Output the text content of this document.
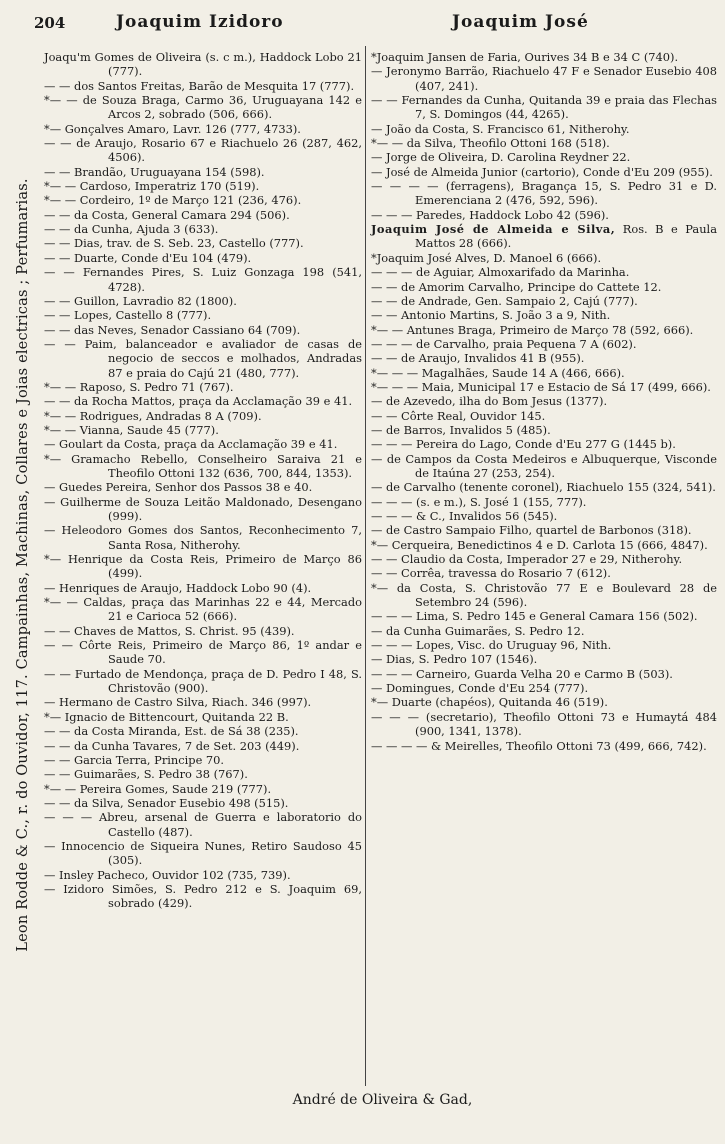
204	Joaquim Izidoro	Joaquim José
Leon Rodde & C., r. do Ouvidor, 117. Campainhas, Machinas, Collares e Joias electricas ; Perfumarias.
Joaqu'm Gomes de Oliveira (s. c m.), Haddock Lobo 21 (777).
— — dos Santos Freitas, Barão de Mesquita 17 (777).
*— — de Souza Braga, Carmo 36, Uruguayana 142 e Arcos 2, sobrado (506, 666).
*— Gonçalves Amaro, Lavr. 126 (777, 4733).
— — de Araujo, Rosario 67 e Riachuelo 26 (287, 462, 4506).
— — Brandão, Uruguayana 154 (598).
*— — Cardoso, Imperatriz 170 (519).
*— — Cordeiro, 1º de Março 121 (236, 476).
— — da Costa, General Camara 294 (506).
— — da Cunha, Ajuda 3 (633).
— — Dias, trav. de S. Seb. 23, Castello (777).
— — Duarte, Conde d'Eu 104 (479).
— — Fernandes Pires, S. Luiz Gonzaga 198 (541, 4728).
— — Guillon, Lavradio 82 (1800).
— — Lopes, Castello 8 (777).
— — das Neves, Senador Cassiano 64 (709).
— — Paim, balanceador e avaliador de casas de negocio de seccos e molhados, Andradas 87 e praia do Cajú 21 (480, 777).
*— — Raposo, S. Pedro 71 (767).
— — da Rocha Mattos, praça da Acclamação 39 e 41.
*— — Rodrigues, Andradas 8 A (709).
*— — Vianna, Saude 45 (777).
— Goulart da Costa, praça da Acclamação 39 e 41.
*— Gramacho Rebello, Conselheiro Saraiva 21 e Theofilo Ottoni 132 (636, 700, 844, 1353).
— Guedes Pereira, Senhor dos Passos 38 e 40.
— Guilherme de Souza Leitão Maldonado, Desengano (999).
— Heleodoro Gomes dos Santos, Reconhecimento 7, Santa Rosa, Nitherohy.
*— Henrique da Costa Reis, Primeiro de Março 86 (499).
— Henriques de Araujo, Haddock Lobo 90 (4).
*— — Caldas, praça das Marinhas 22 e 44, Mercado 21 e Carioca 52 (666).
— — Chaves de Mattos, S. Christ. 95 (439).
— — Côrte Reis, Primeiro de Março 86, 1º andar e Saude 70.
— — Furtado de Mendonça, praça de D. Pedro I 48, S. Christovão (900).
— Hermano de Castro Silva, Riach. 346 (997).
*— Ignacio de Bittencourt, Quitanda 22 B.
— — da Costa Miranda, Est. de Sá 38 (235).
— — da Cunha Tavares, 7 de Set. 203 (449).
— — Garcia Terra, Principe 70.
— — Guimarães, S. Pedro 38 (767).
*— — Pereira Gomes, Saude 219 (777).
— — da Silva, Senador Eusebio 498 (515).
— — — Abreu, arsenal de Guerra e laboratorio do Castello (487).
— Innocencio de Siqueira Nunes, Retiro Saudoso 45 (305).
— Insley Pacheco, Ouvidor 102 (735, 739).
— Izidoro Simões, S. Pedro 212 e S. Joaquim 69, sobrado (429).
*Joaquim Jansen de Faria, Ourives 34 B e 34 C (740).
— Jeronymo Barrão, Riachuelo 47 F e Senador Eusebio 408 (407, 241).
— — Fernandes da Cunha, Quitanda 39 e praia das Flechas 7, S. Domingos (44, 4265).
— João da Costa, S. Francisco 61, Nitherohy.
*— — da Silva, Theofilo Ottoni 168 (518).
— Jorge de Oliveira, D. Carolina Reydner 22.
— José de Almeida Junior (cartorio), Conde d'Eu 209 (955).
— — — — (ferragens), Bragança 15, S. Pedro 31 e D. Emerenciana 2 (476, 592, 596).
— — — Paredes, Haddock Lobo 42 (596).
Joaquim José de Almeida e Silva, Ros. B e Paula Mattos 28 (666).
*Joaquim José Alves, D. Manoel 6 (666).
— — — de Aguiar, Almoxarifado da Marinha.
— — de Amorim Carvalho, Principe do Cattete 12.
— — de Andrade, Gen. Sampaio 2, Cajú (777).
— — Antonio Martins, S. João 3 a 9, Nith.
*— — Antunes Braga, Primeiro de Março 78 (592, 666).
— — — de Carvalho, praia Pequena 7 A (602).
— — de Araujo, Invalidos 41 B (955).
*— — — Magalhães, Saude 14 A (466, 666).
*— — — Maia, Municipal 17 e Estacio de Sá 17 (499, 666).
— de Azevedo, ilha do Bom Jesus (1377).
— — Côrte Real, Ouvidor 145.
— de Barros, Invalidos 5 (485).
— — — Pereira do Lago, Conde d'Eu 277 G (1445 b).
— de Campos da Costa Medeiros e Albuquerque, Visconde de Itaúna 27 (253, 254).
— de Carvalho (tenente coronel), Riachuelo 155 (324, 541).
— — — (s. e m.), S. José 1 (155, 777).
— — — & C., Invalidos 56 (545).
— de Castro Sampaio Filho, quartel de Barbonos (318).
*— Cerqueira, Benedictinos 4 e D. Carlota 15 (666, 4847).
— — Claudio da Costa, Imperador 27 e 29, Nitherohy.
— — Corrêa, travessa do Rosario 7 (612).
*— da Costa, S. Christovão 77 E e Boulevard 28 de Setembro 24 (596).
— — — Lima, S. Pedro 145 e General Camara 156 (502).
— da Cunha Guimarães, S. Pedro 12.
— — — Lopes, Visc. do Uruguay 96, Nith.
— Dias, S. Pedro 107 (1546).
— — — Carneiro, Guarda Velha 20 e Carmo B (503).
— Domingues, Conde d'Eu 254 (777).
*— Duarte (chapéos), Quitanda 46 (519).
— — — (secretario), Theofilo Ottoni 73 e Humaytá 484 (900, 1341, 1378).
— — — — & Meirelles, Theofilo Ottoni 73 (499, 666, 742).
André de Oliveira & Gad,
